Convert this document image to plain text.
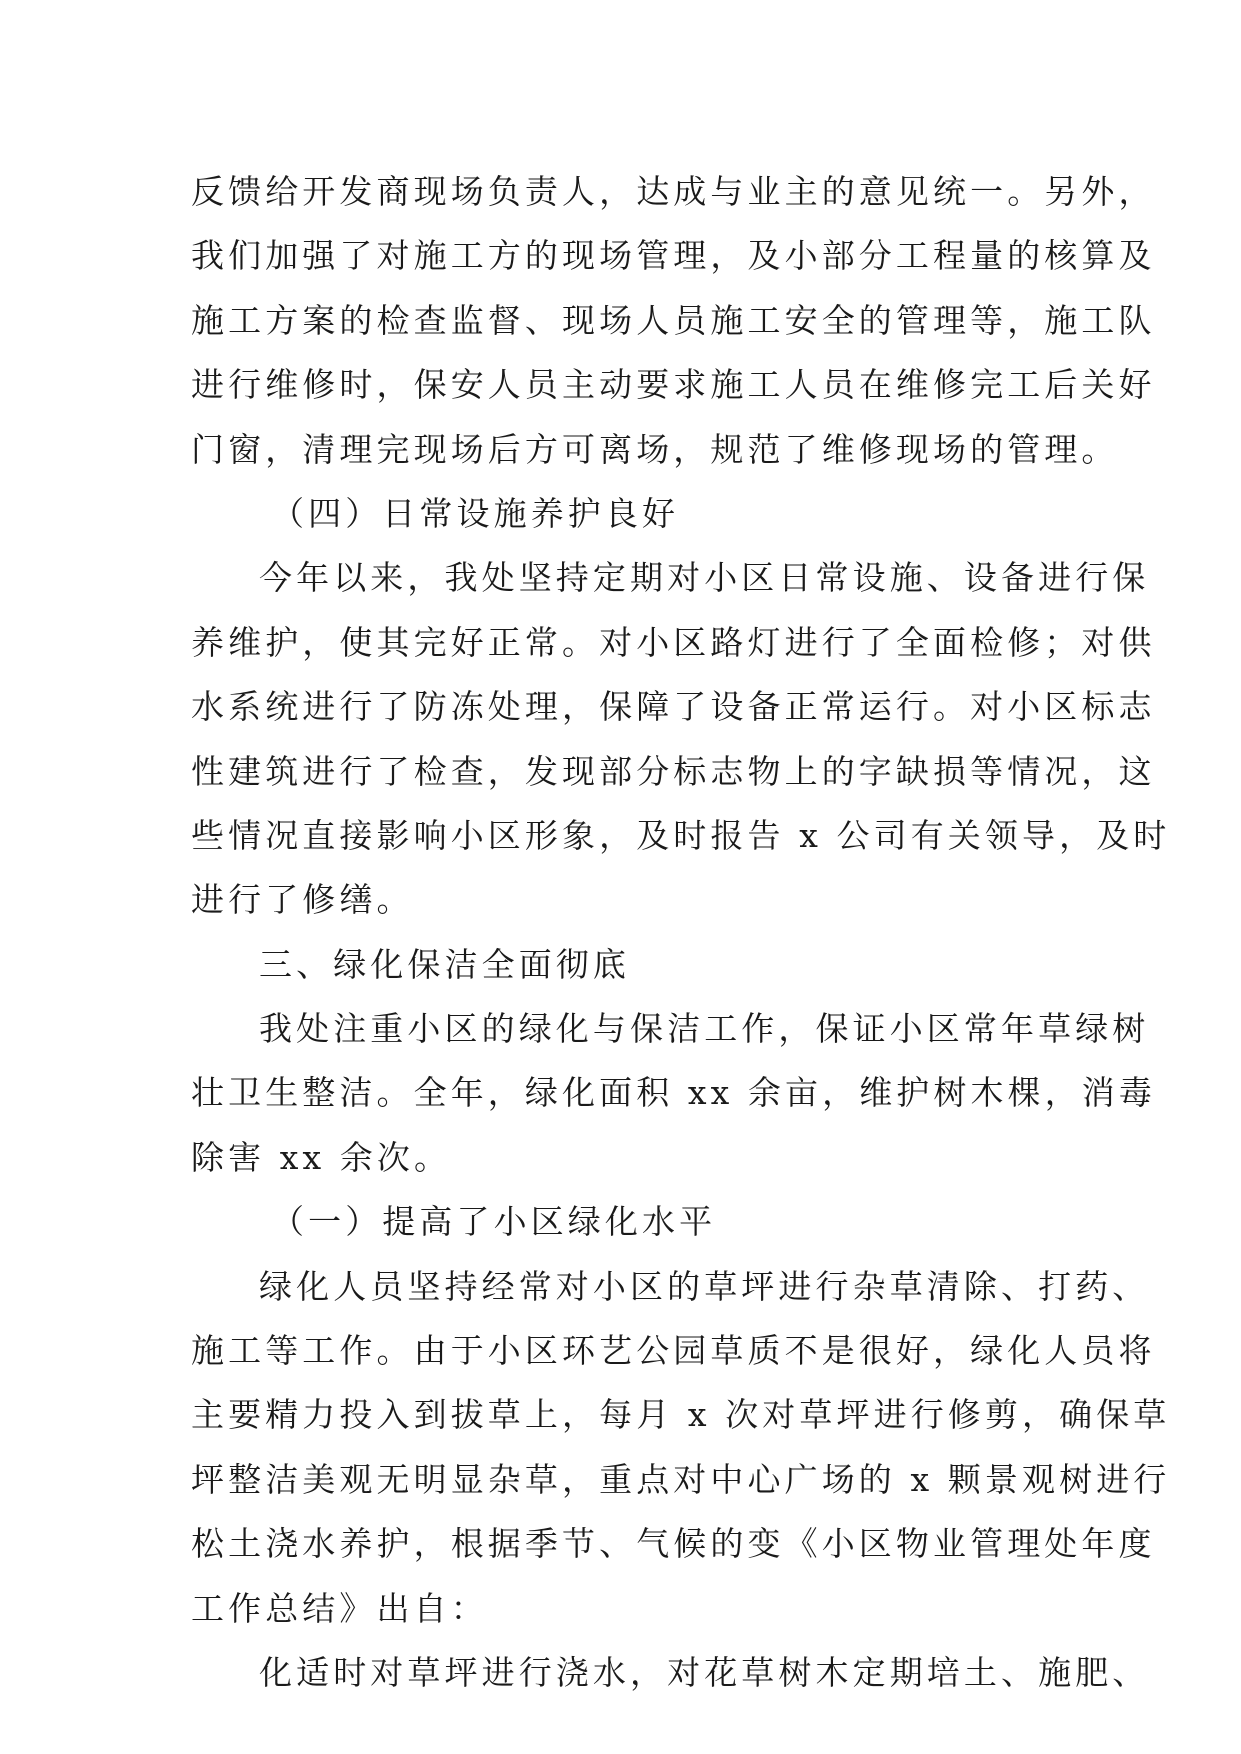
反馈给开发商现场负责人，达成与业主的意见统一。另外，
我们加强了对施工方的现场管理，及小部分工程量的核算及
施工方案的检查监督、现场人员施工安全的管理等，施工队
进行维修时，保安人员主动要求施工人员在维修完工后关好
门窗，清理完现场后方可离场，规范了维修现场的管理。
（四）日常设施养护良好
今年以来，我处坚持定期对小区日常设施、设备进行保
养维护，使其完好正常。对小区路灯进行了全面检修；对供
水系统进行了防冻处理，保障了设备正常运行。对小区标志
性建筑进行了检查，发现部分标志物上的字缺损等情况，这
些情况直接影响小区形象，及时报告 x 公司有关领导，及时
进行了修缮。
三、绿化保洁全面彻底
我处注重小区的绿化与保洁工作，保证小区常年草绿树
壮卫生整洁。全年，绿化面积 xx 余亩，维护树木棵，消毒
除害 xx 余次。
（一）提高了小区绿化水平
绿化人员坚持经常对小区的草坪进行杂草清除、打药、
施工等工作。由于小区环艺公园草质不是很好，绿化人员将
主要精力投入到拔草上，每月 x 次对草坪进行修剪，确保草
坪整洁美观无明显杂草，重点对中心广场的 x 颗景观树进行
松土浇水养护，根据季节、气候的变《小区物业管理处年度
工作总结》出自：
化适时对草坪进行浇水，对花草树木定期培土、施肥、
